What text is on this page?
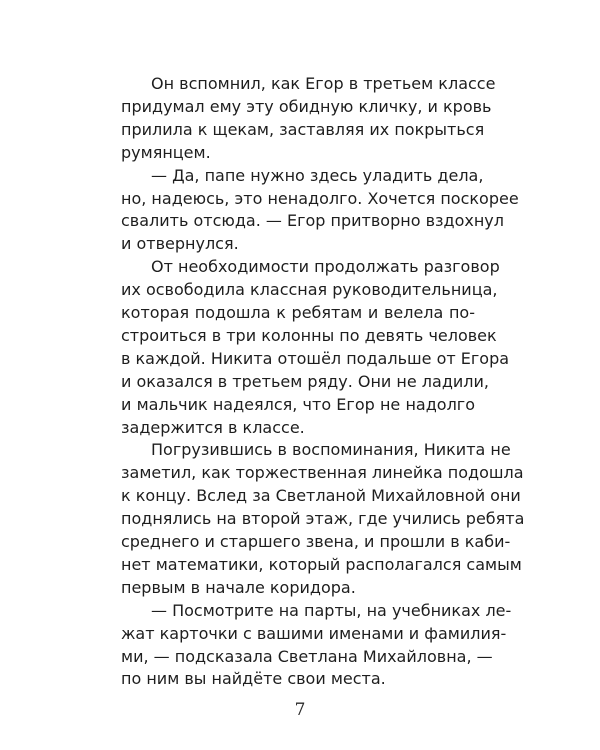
Он вспомнил, как Егор в третьем классе
придумал ему эту обидную кличку, и кровь
прилила к щекам, заставляя их покрыться
румянцем.
— Да, папе нужно здесь уладить дела,
но, надеюсь, это ненадолго. Хочется поскорее
свалить отсюда. — Егор притворно вздохнул
и отвернулся.
От необходимости продолжать разговор
их освободила классная руководительница,
которая подошла к ребятам и велела по-
строиться в три колонны по девять человек
в каждой. Никита отошёл подальше от Егора
и оказался в третьем ряду. Они не ладили,
и мальчик надеялся, что Егор не надолго
задержится в классе.
Погрузившись в воспоминания, Никита не
заметил, как торжественная линейка подошла
к концу. Вслед за Светланой Михайловной они
поднялись на второй этаж, где учились ребята
среднего и старшего звена, и прошли в каби-
нет математики, который располагался самым
первым в начале коридора.
— Посмотрите на парты, на учебниках ле-
жат карточки с вашими именами и фамилия-
ми, — подсказала Светлана Михайловна, —
по ним вы найдёте свои места.
7
